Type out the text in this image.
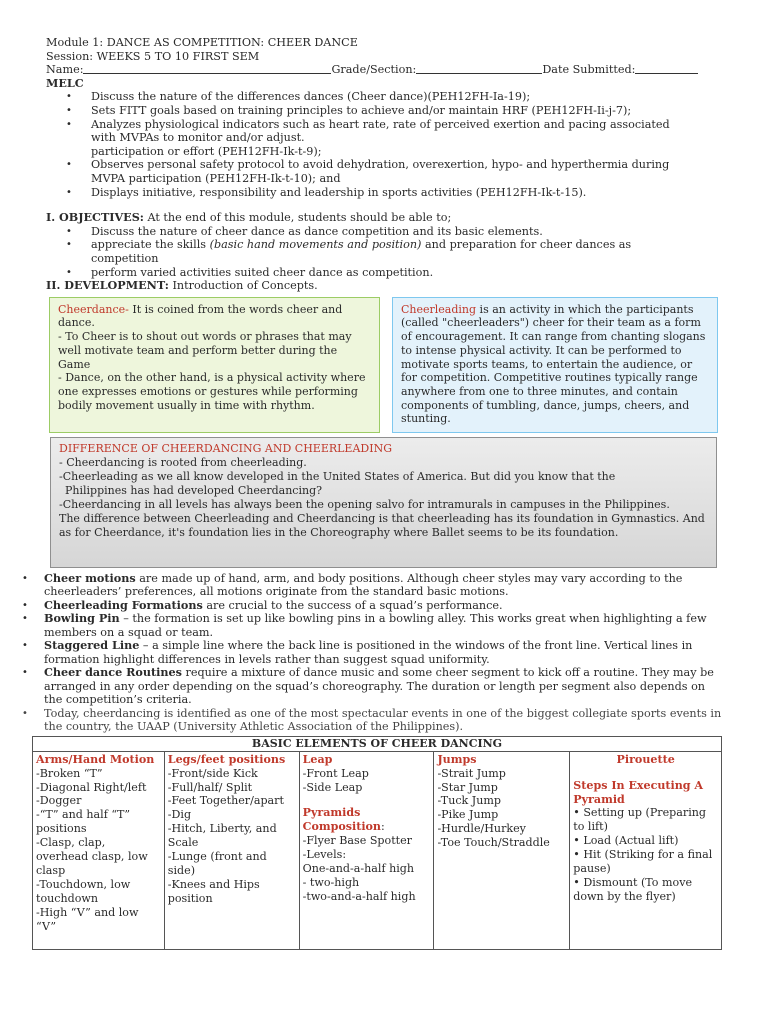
Module 1: DANCE AS COMPETITION: CHEER DANCE
Session: WEEKS 5 TO 10 FIRST SEM
Name:	Grade/Section:	Date Submitted:
MELC
• Discuss the nature of the differences dances (Cheer dance)(PEH12FH-Ia-19);
• Sets FITT goals based on training principles to achieve and/or maintain HRF (PEH12FH-Ii-j-7);
• Analyzes physiological indicators such as heart rate, rate of perceived exertion and pacing associated
with MVPAs to monitor and/or adjust.
participation or effort (PEH12FH-Ik-t-9);
• Observes personal safety protocol to avoid dehydration, overexertion, hypo- and hyperthermia during
MVPA participation (PEH12FH-Ik-t-10); and
• Displays initiative, responsibility and leadership in sports activities (PEH12FH-Ik-t-15).
I. OBJECTIVES: At the end of this module, students should be able to;
• Discuss the nature of cheer dance as dance competition and its basic elements.
• appreciate the skills (basic hand movements and position) and preparation for cheer dances as
competition
• perform varied activities suited cheer dance as competition.
II. DEVELOPMENT: Introduction of Concepts.
Cheerdance- It is coined from the words cheer and dance.
- To Cheer is to shout out words or phrases that may well motivate team and perform better during the Game
- Dance, on the other hand, is a physical activity where one expresses emotions or gestures while performing bodily movement usually in time with rhythm.
Cheerleading is an activity in which the participants (called "cheerleaders") cheer for their team as a form of encouragement. It can range from chanting slogans to intense physical activity. It can be performed to motivate sports teams, to entertain the audience, or for competition. Competitive routines typically range anywhere from one to three minutes, and contain components of tumbling, dance, jumps, cheers, and stunting.
DIFFERENCE OF CHEERDANCING AND CHEERLEADING
- Cheerdancing is rooted from cheerleading.
-Cheerleading as we all know developed in the United States of America. But did you know that the
Philippines has had developed Cheerdancing?
-Cheerdancing in all levels has always been the opening salvo for intramurals in campuses in the Philippines.
The difference between Cheerleading and Cheerdancing is that cheerleading has its foundation in Gymnastics. And as for Cheerdance, it's foundation lies in the Choreography where Ballet seems to be its foundation.
• Cheer motions are made up of hand, arm, and body positions. Although cheer styles may vary according to the cheerleaders’ preferences, all motions originate from the standard basic motions.
• Cheerleading Formations are crucial to the success of a squad’s performance.
• Bowling Pin – the formation is set up like bowling pins in a bowling alley. This works great when highlighting a few members on a squad or team.
• Staggered Line – a simple line where the back line is positioned in the windows of the front line. Vertical lines in formation highlight differences in levels rather than suggest squad uniformity.
• Cheer dance Routines require a mixture of dance music and some cheer segment to kick off a routine. They may be arranged in any order depending on the squad’s choreography. The duration or length per segment also depends on the competition’s criteria.
• Today, cheerdancing is identified as one of the most spectacular events in one of the biggest collegiate sports events in the country, the UAAP (University Athletic Association of the Philippines).
BASIC ELEMENTS OF CHEER DANCING

Arms/Hand Motion
-Broken “T”
-Diagonal Right/left
-Dogger
-“T” and half “T” positions
-Clasp, clap, overhead clasp, low clasp
-Touchdown, low touchdown
-High “V” and low “V”

Legs/feet positions
-Front/side Kick
-Full/half/ Split
-Feet Together/apart
-Dig
-Hitch, Liberty, and Scale
-Lunge (front and side)
-Knees and Hips position

Leap
-Front Leap
-Side Leap
Pyramids Composition:
-Flyer Base Spotter
-Levels:
One-and-a-half high
- two-high
-two-and-a-half high

Jumps
-Strait Jump
-Star Jump
-Tuck Jump
-Pike Jump
-Hurdle/Hurkey
-Toe Touch/Straddle

Pirouette
Steps In Executing A Pyramid
• Setting up (Preparing to lift)
• Load (Actual lift)
• Hit (Striking for a final pause)
• Dismount (To move down by the flyer)
